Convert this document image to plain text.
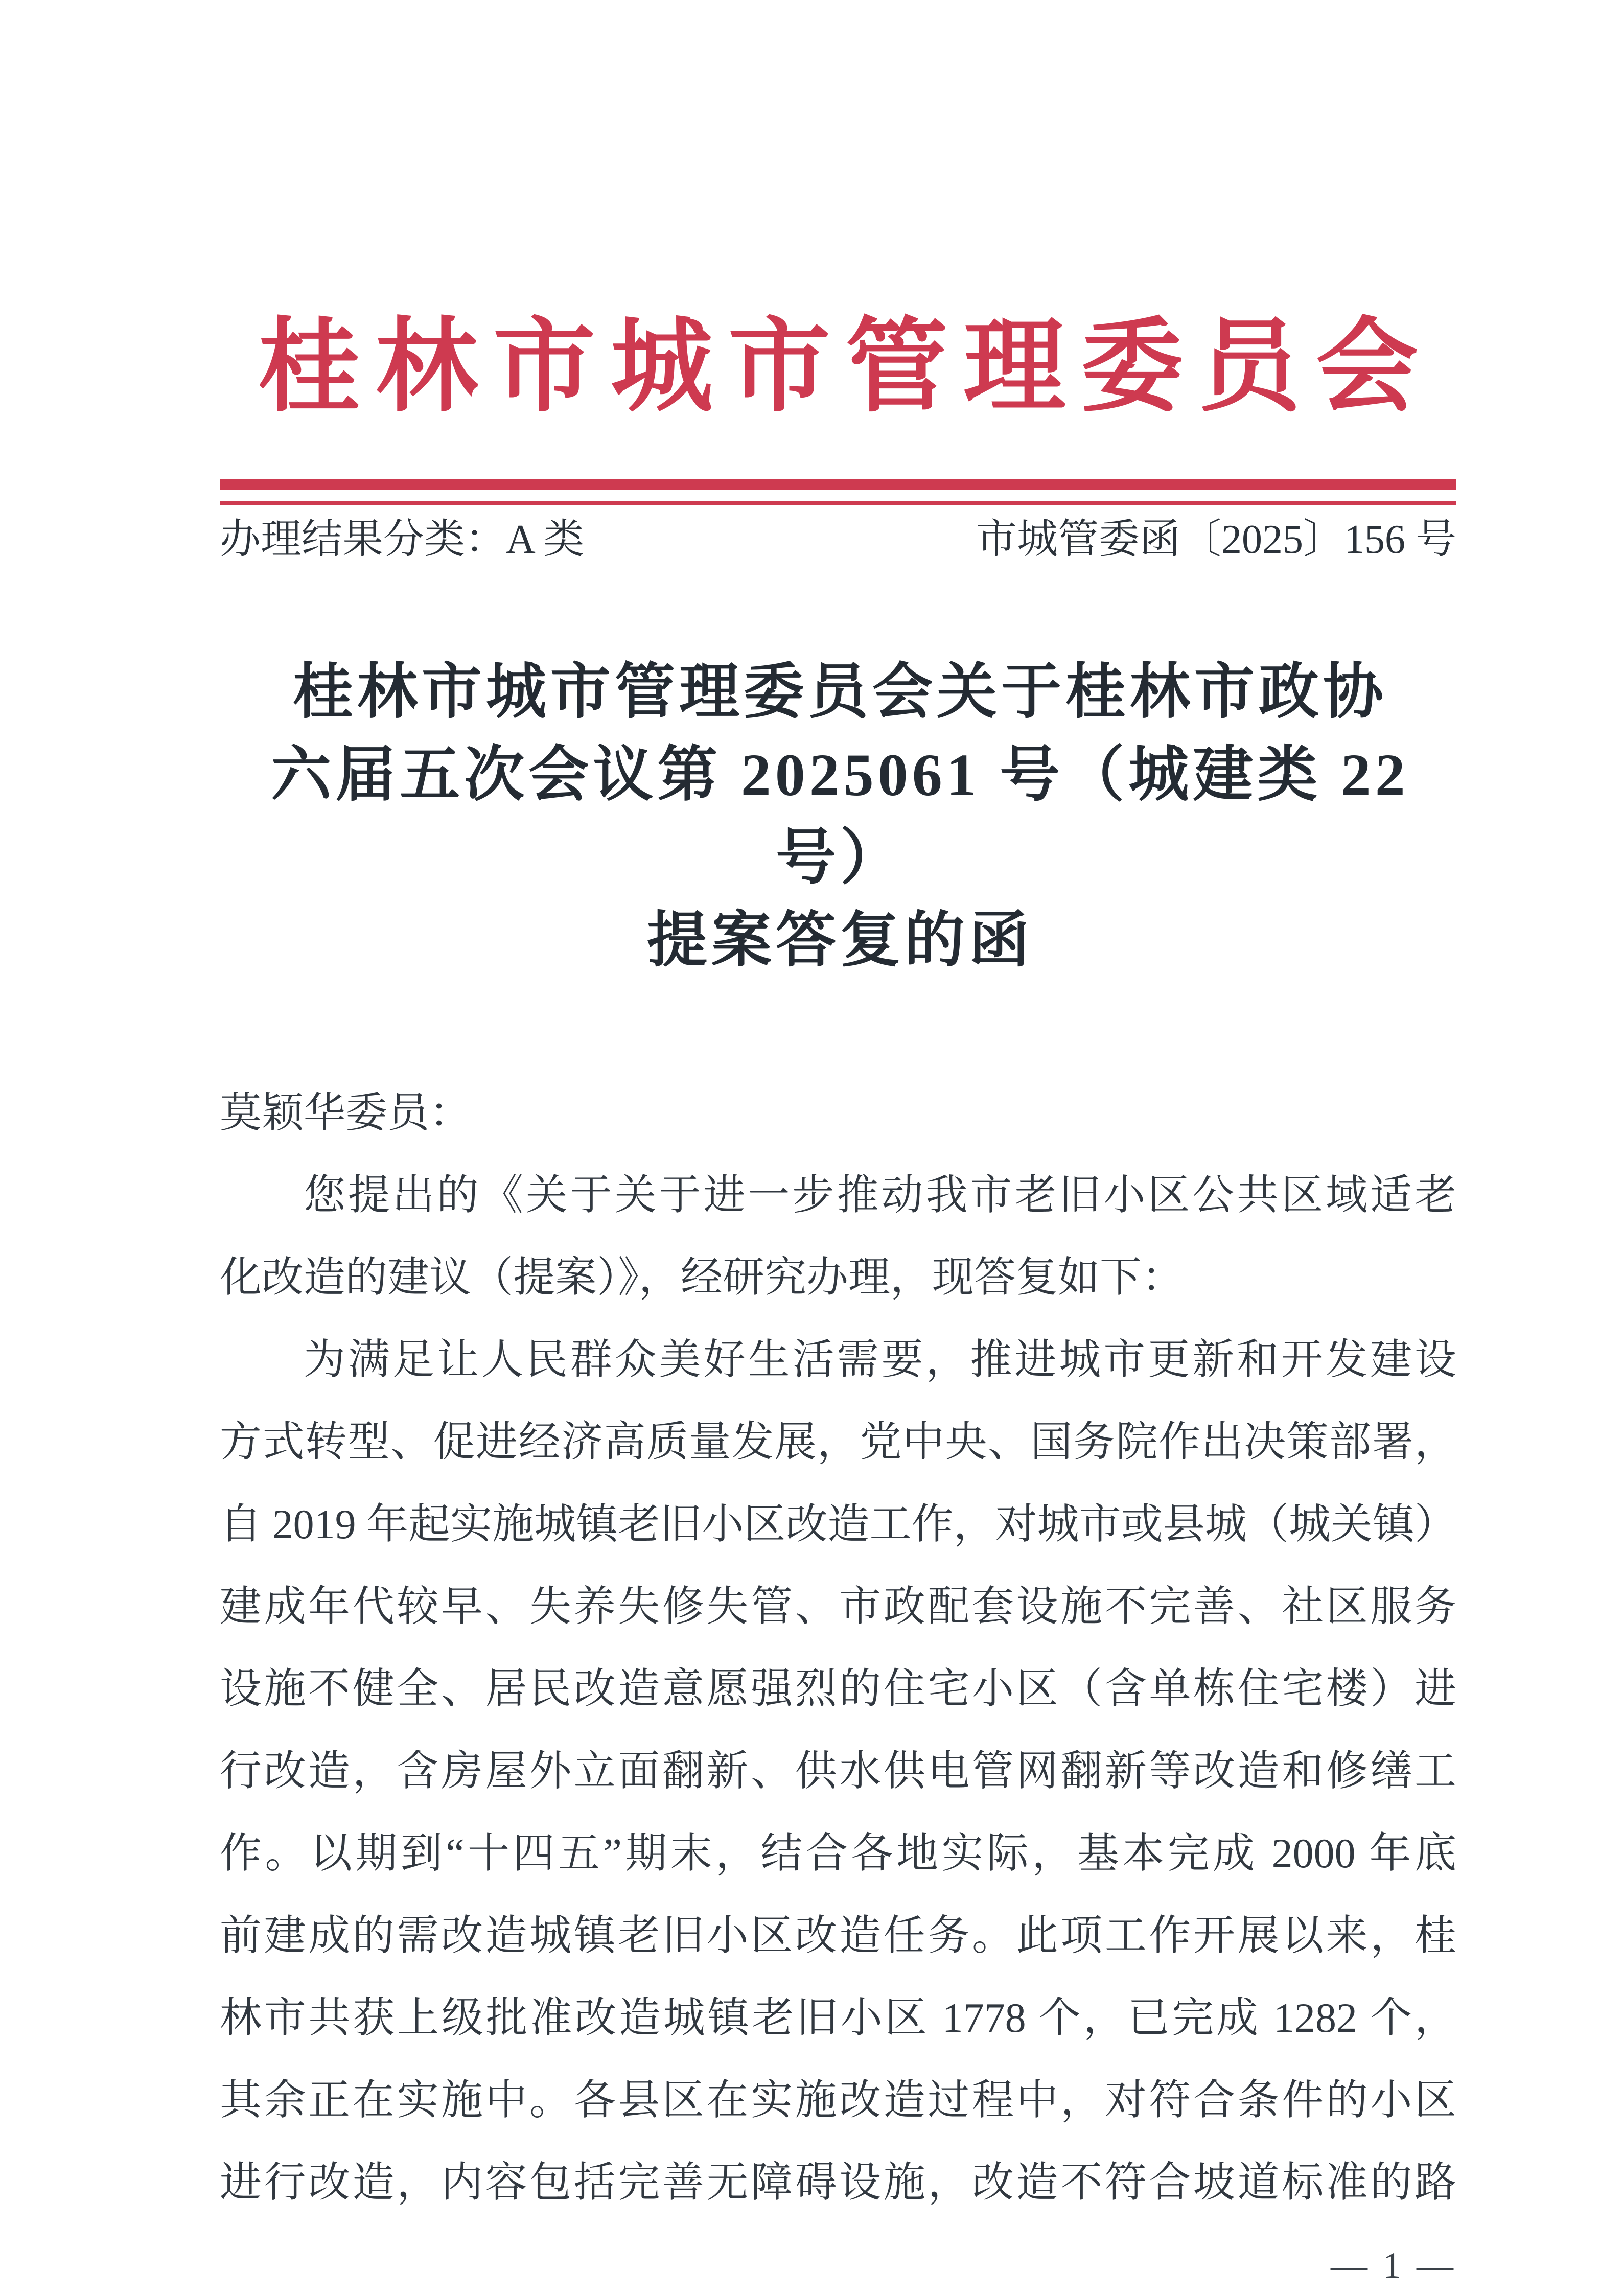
桂林市城市管理委员会
办理结果分类：A 类	市城管委函〔2025〕156 号
桂林市城市管理委员会关于桂林市政协
六届五次会议第 2025061 号（城建类 22 号）
提案答复的函
莫颖华委员：
您提出的《关于关于进一步推动我市老旧小区公共区域适老
化改造的建议（提案）》，经研究办理，现答复如下：
为满足让人民群众美好生活需要，推进城市更新和开发建设
方式转型、促进经济高质量发展，党中央、国务院作出决策部署，
自 2019 年起实施城镇老旧小区改造工作，对城市或县城（城关镇）
建成年代较早、失养失修失管、市政配套设施不完善、社区服务
设施不健全、居民改造意愿强烈的住宅小区（含单栋住宅楼）进
行改造，含房屋外立面翻新、供水供电管网翻新等改造和修缮工
作。以期到“十四五”期末，结合各地实际，基本完成 2000 年底
前建成的需改造城镇老旧小区改造任务。此项工作开展以来，桂
林市共获上级批准改造城镇老旧小区 1778 个，已完成 1282 个，
其余正在实施中。各县区在实施改造过程中，对符合条件的小区
进行改造，内容包括完善无障碍设施，改造不符合坡道标准的路
— 1 —
